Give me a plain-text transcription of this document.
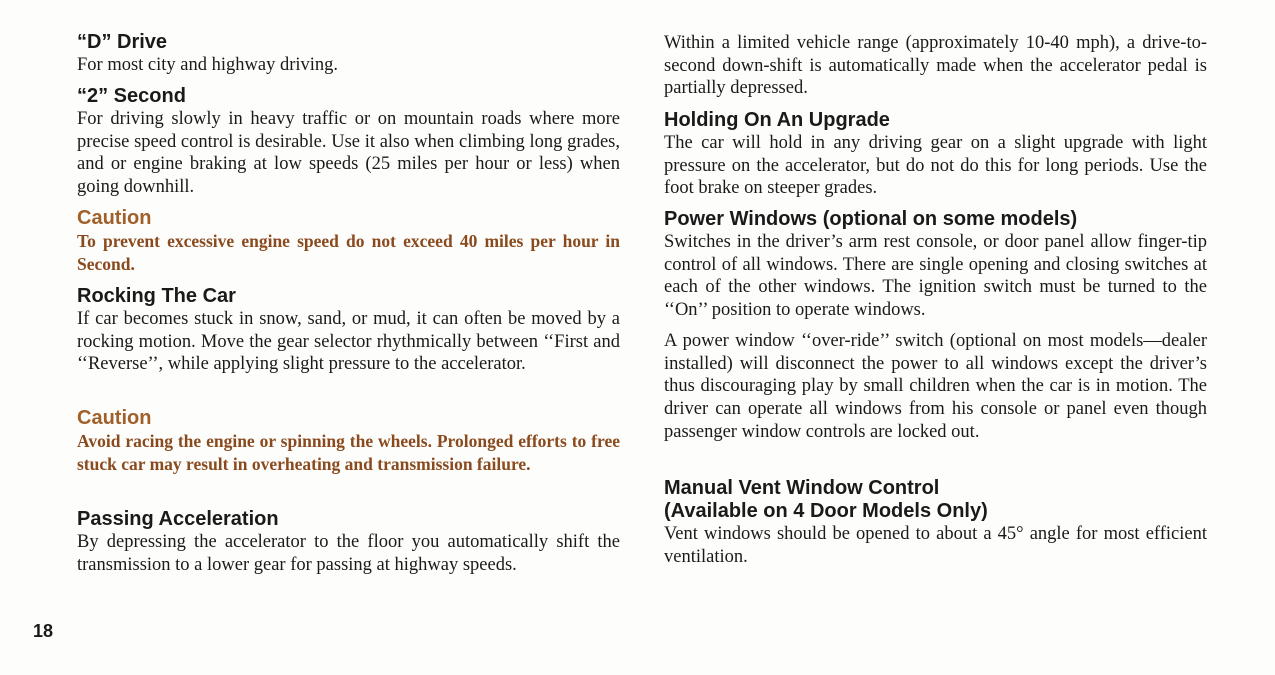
“D” Drive

For most city and highway driving.

“2” Second

For driving slowly in heavy traffic or on mountain roads where more precise speed control is desirable. Use it also when climbing long grades, and or engine braking at low speeds (25 miles per hour or less) when going downhill.

Caution

To prevent excessive engine speed do not exceed 40 miles per hour in Second.

Rocking The Car

If car becomes stuck in snow, sand, or mud, it can often be moved by a rocking motion. Move the gear selector rhythmically between ‘‘First and ‘‘Reverse’’, while applying slight pressure to the accelerator.

Caution

Avoid racing the engine or spinning the wheels. Prolonged efforts to free stuck car may result in overheating and transmission failure.

Passing Acceleration

By depressing the accelerator to the floor you automatically shift the transmission to a lower gear for passing at highway speeds.

18

Within a limited vehicle range (approximately 10-40 mph), a drive-to-second down-shift is automatically made when the accelerator pedal is partially depressed.

Holding On An Upgrade

The car will hold in any driving gear on a slight upgrade with light pressure on the accelerator, but do not do this for long periods. Use the foot brake on steeper grades.

Power Windows (optional on some models)

Switches in the driver’s arm rest console, or door panel allow finger-tip control of all windows. There are single opening and closing switches at each of the other windows. The ignition switch must be turned to the ‘‘On’’ position to operate windows.

A power window ‘‘over-ride’’ switch (optional on most models—dealer installed) will disconnect the power to all windows except the driver’s thus discouraging play by small children when the car is in motion. The driver can operate all windows from his console or panel even though passenger window controls are locked out.

Manual Vent Window Control
(Available on 4 Door Models Only)

Vent windows should be opened to about a 45° angle for most efficient ventilation.
